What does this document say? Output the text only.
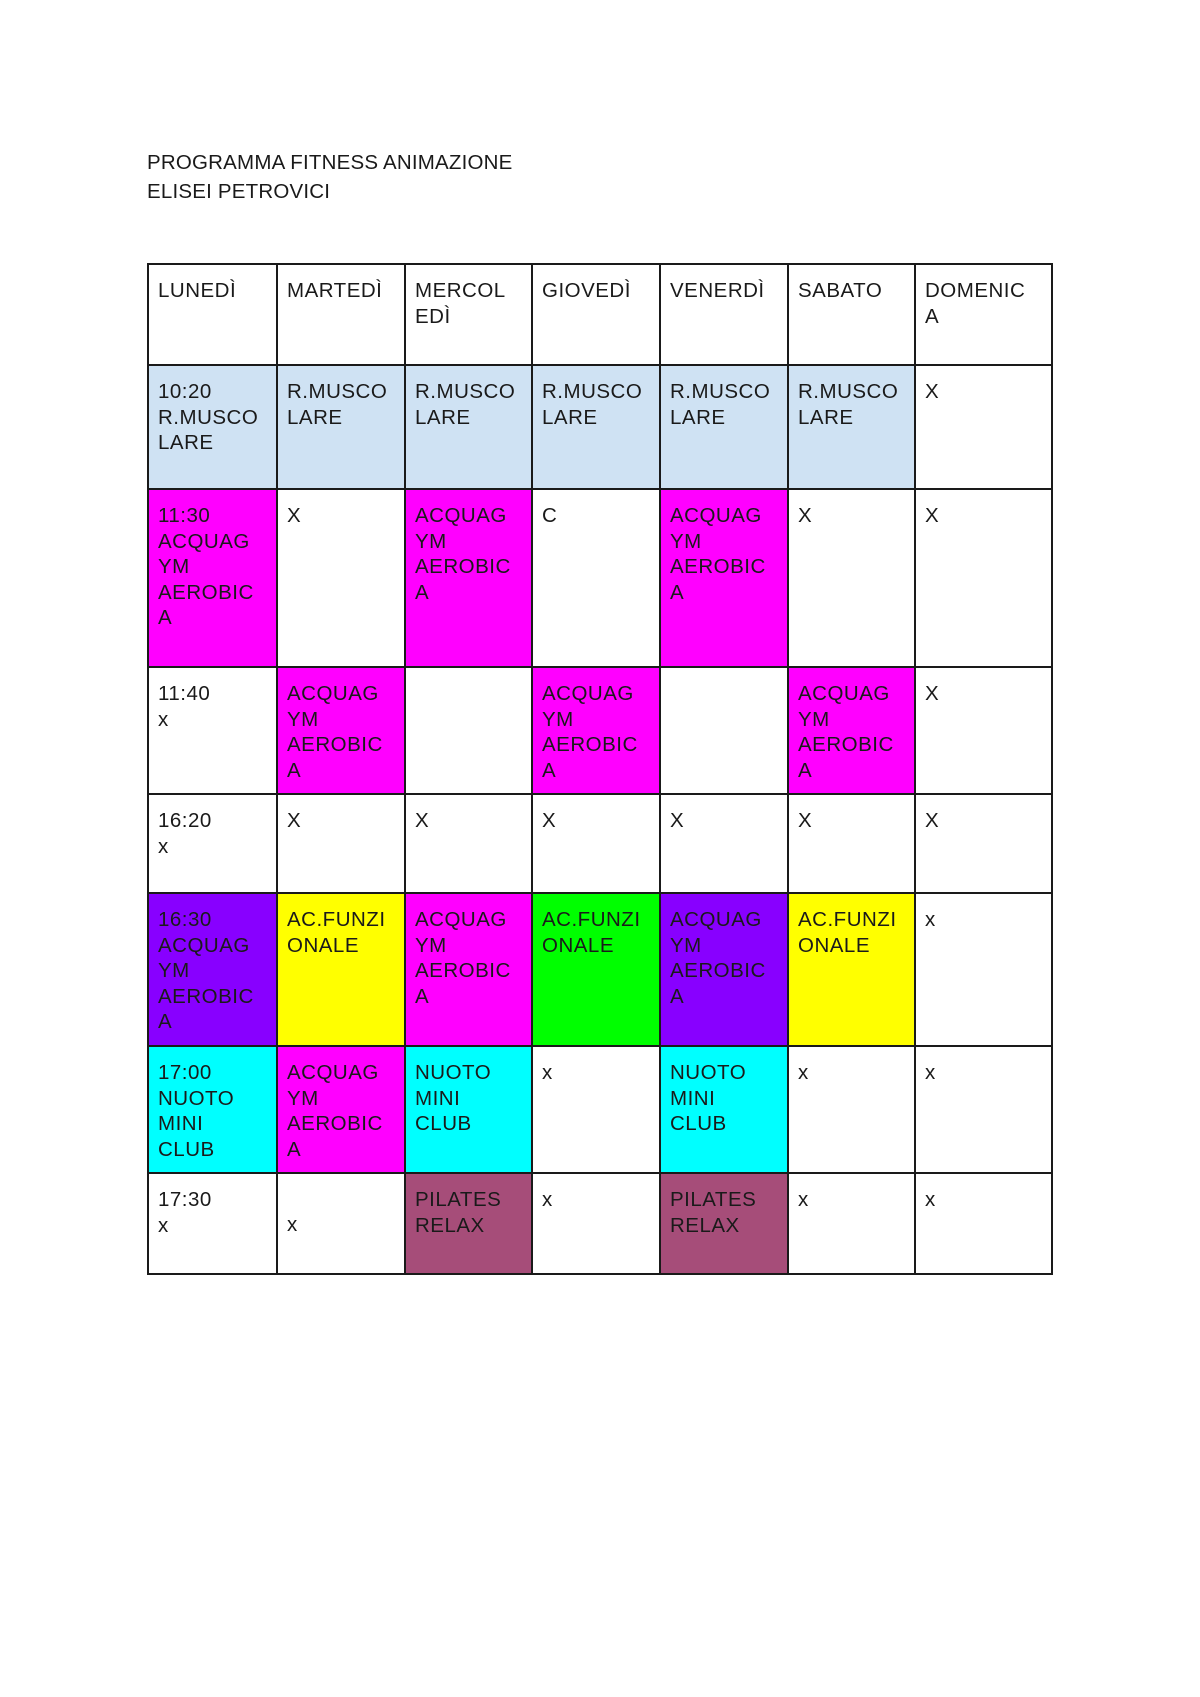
PROGRAMMA FITNESS ANIMAZIONE
ELISEI PETROVICI
LUNEDÌ	MARTEDÌ	MERCOL
EDÌ	GIOVEDÌ	VENERDÌ	SABATO	DOMENIC
A

10:20
R.MUSCO
LARE	R.MUSCO
LARE	R.MUSCO
LARE	R.MUSCO
LARE	R.MUSCO
LARE	R.MUSCO
LARE	X

11:30
ACQUAG
YM
AEROBIC
A	X	ACQUAG
YM
AEROBIC
A	C	ACQUAG
YM
AEROBIC
A	X	X

11:40
x	ACQUAG
YM
AEROBIC
A		ACQUAG
YM
AEROBIC
A		ACQUAG
YM
AEROBIC
A	X

16:20
x	X	X	X	X	X	X

16:30
ACQUAG
YM
AEROBIC
A	AC.FUNZI
ONALE	ACQUAG
YM
AEROBIC
A	AC.FUNZI
ONALE	ACQUAG
YM
AEROBIC
A	AC.FUNZI
ONALE	x

17:00
NUOTO
MINI
CLUB	ACQUAG
YM
AEROBIC
A	NUOTO
MINI
CLUB	x	NUOTO
MINI
CLUB	x	x

17:30
x	x	PILATES
RELAX	x	PILATES
RELAX	x	x
